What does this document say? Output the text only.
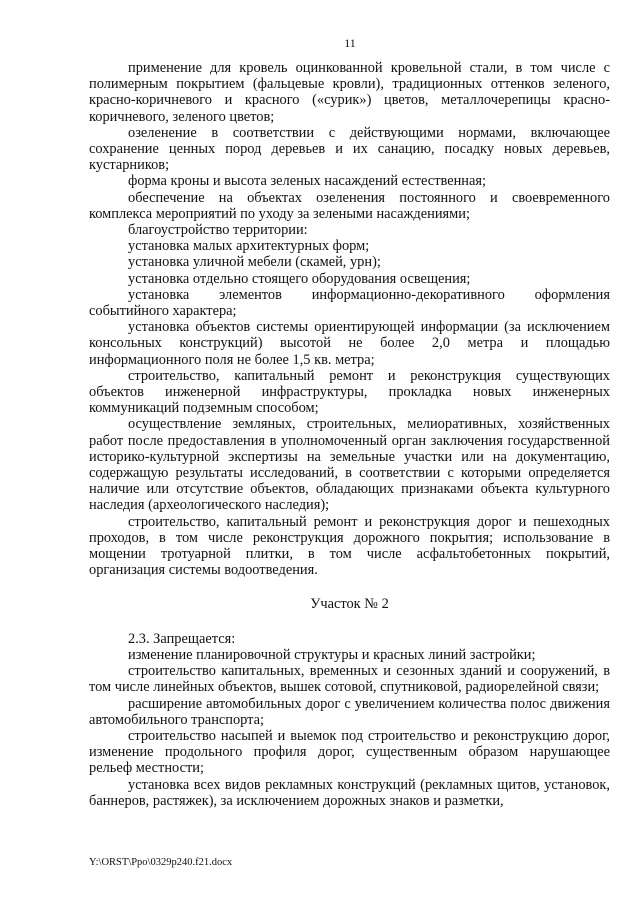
11

применение для кровель оцинкованной кровельной стали, в том числе с полимерным покрытием (фальцевые кровли), традиционных оттенков зеленого, красно-коричневого и красного («сурик») цветов, металлочерепицы красно-коричневого, зеленого цветов;

озеленение в соответствии с действующими нормами, включающее сохранение ценных пород деревьев и их санацию, посадку новых деревьев, кустарников;

форма кроны и высота зеленых насаждений естественная;

обеспечение на объектах озеленения постоянного и своевременного комплекса мероприятий по уходу за зелеными насаждениями;

благоустройство территории:

установка малых архитектурных форм;

установка уличной мебели (скамей, урн);

установка отдельно стоящего оборудования освещения;

установка элементов информационно-декоративного оформления событийного характера;

установка объектов системы ориентирующей информации (за исключением консольных конструкций) высотой не более 2,0 метра и площадью информационного поля не более 1,5 кв. метра;

строительство, капитальный ремонт и реконструкция существующих объектов инженерной инфраструктуры, прокладка новых инженерных коммуникаций подземным способом;

осуществление земляных, строительных, мелиоративных, хозяйственных работ после предоставления в уполномоченный орган заключения государственной историко-культурной экспертизы на земельные участки или на документацию, содержащую результаты исследований, в соответствии с которыми определяется наличие или отсутствие объектов, обладающих признаками объекта культурного наследия (археологического наследия);

строительство, капитальный ремонт и реконструкция дорог и пешеходных проходов, в том числе реконструкция дорожного покрытия; использование в мощении тротуарной плитки, в том числе асфальтобетонных покрытий, организация системы водоотведения.

Участок № 2

2.3. Запрещается:

изменение планировочной структуры и красных линий застройки;

строительство капитальных, временных и сезонных зданий и сооружений, в том числе линейных объектов, вышек сотовой, спутниковой, радиорелейной связи;

расширение автомобильных дорог с увеличением количества полос движения автомобильного транспорта;

строительство насыпей и выемок под строительство и реконструкцию дорог, изменение продольного профиля дорог, существенным образом нарушающее рельеф местности;

установка всех видов рекламных конструкций (рекламных щитов, установок, баннеров, растяжек), за исключением дорожных знаков и разметки,

Y:\ORST\Ppo\0329p240.f21.docx
